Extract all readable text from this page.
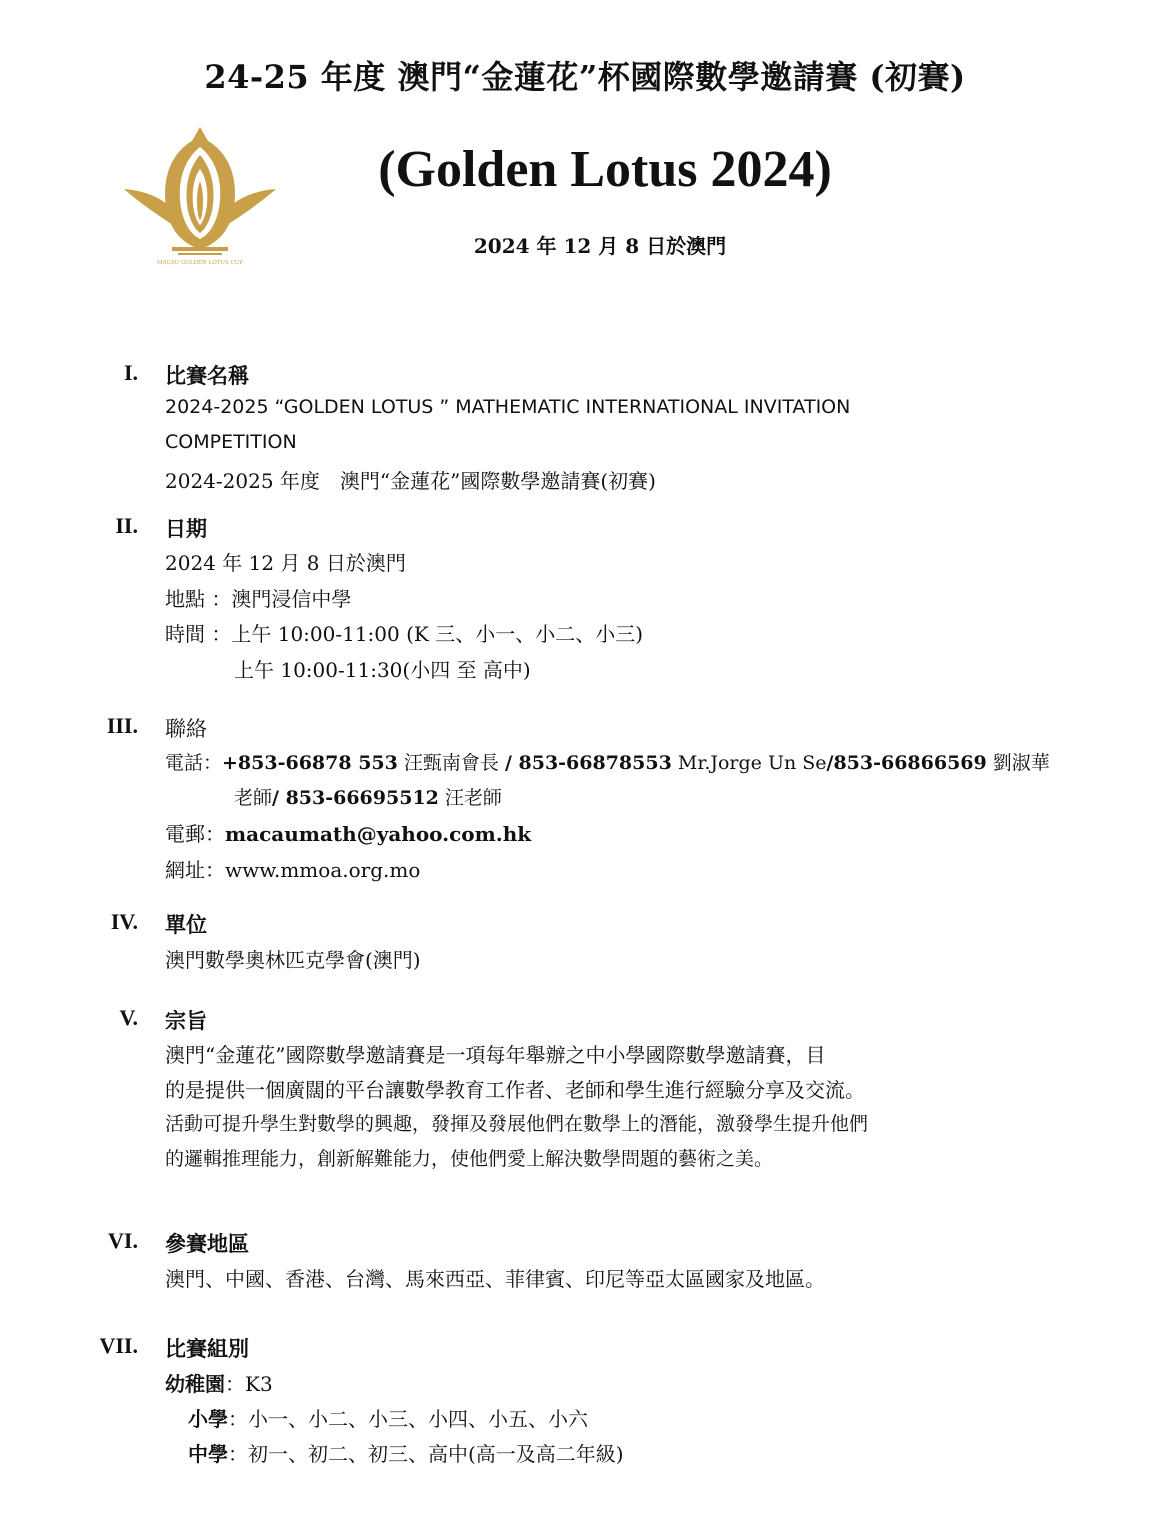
MACAU GOLDEN LOTUS CUP
24-25 年度 澳門“金蓮花”杯國際數學邀請賽 (初賽)
(Golden Lotus 2024)
2024 年 12 月 8 日於澳門
I. 比賽名稱
2024-2025 “GOLDEN LOTUS ” MATHEMATIC INTERNATIONAL INVITATION
COMPETITION
2024-2025 年度　澳門“金蓮花”國際數學邀請賽(初賽)
II. 日期
2024 年 12 月 8 日於澳門
地點 ：澳門浸信中學
時間 ：上午 10:00-11:00 (K 三、小一、小二、小三)
上午 10:00-11:30(小四 至 高中)
III. 聯絡
電話：+853-66878 553 汪甄南會長 / 853-66878553 Mr.Jorge Un Se/853-66866569 劉淑華
老師/ 853-66695512 汪老師
電郵：macaumath@yahoo.com.hk
網址：www.mmoa.org.mo
IV. 單位
澳門數學奧林匹克學會(澳門)
V. 宗旨
澳門“金蓮花”國際數學邀請賽是一項每年舉辦之中小學國際數學邀請賽，目
的是提供一個廣闊的平台讓數學教育工作者、老師和學生進行經驗分享及交流。
活動可提升學生對數學的興趣，發揮及發展他們在數學上的潛能，激發學生提升他們
的邏輯推理能力，創新解難能力，使他們愛上解決數學問題的藝術之美。
VI. 參賽地區
澳門、中國、香港、台灣、馬來西亞、菲律賓、印尼等亞太區國家及地區。
VII. 比賽組別
幼稚園：K3
小學：小一、小二、小三、小四、小五、小六
中學：初一、初二、初三、高中(高一及高二年級)
